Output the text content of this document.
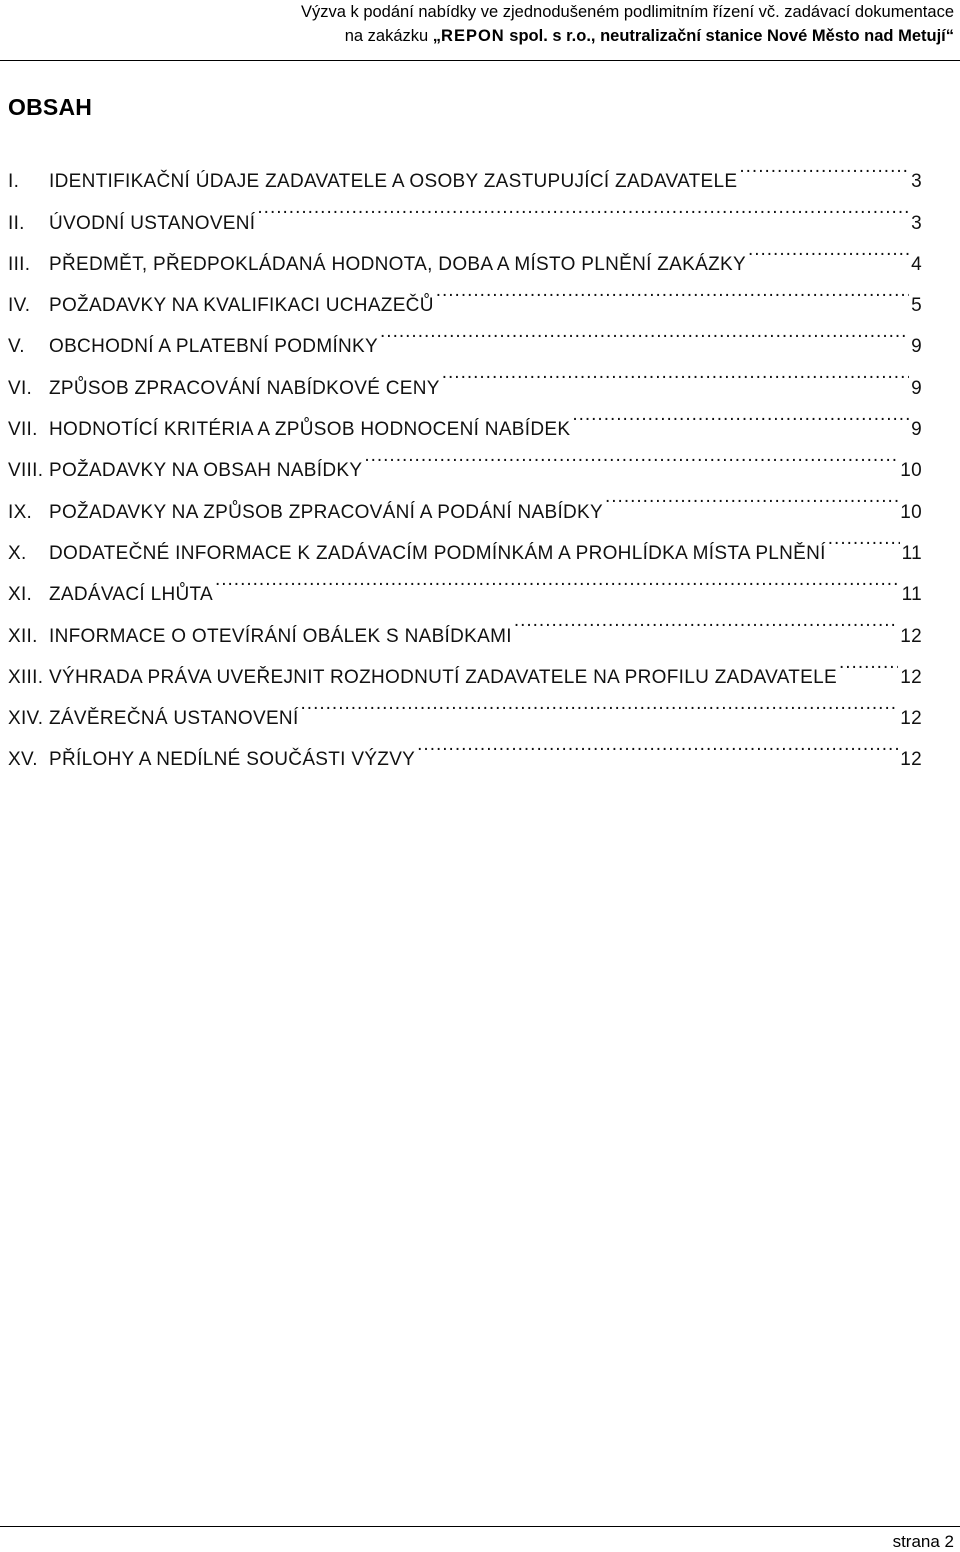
Výzva k podání nabídky ve zjednodušeném podlimitním řízení vč. zadávací dokumentace
na zakázku „REPON spol. s r.o., neutralizační stanice Nové Město nad Metují“
OBSAH
I.	IDENTIFIKAČNÍ ÚDAJE ZADAVATELE A OSOBY ZASTUPUJÍCÍ ZADAVATELE .....	3
II.	ÚVODNÍ USTANOVENÍ .....	3
III. PŘEDMĚT, PŘEDPOKLÁDANÁ HODNOTA, DOBA A MÍSTO PLNĚNÍ ZAKÁZKY .....	4
IV. POŽADAVKY NA KVALIFIKACI UCHAZEČŮ .....	5
V.	OBCHODNÍ A PLATEBNÍ PODMÍNKY .....	9
VI. ZPŮSOB ZPRACOVÁNÍ NABÍDKOVÉ CENY .....	9
VII. HODNOTÍCÍ KRITÉRIA A ZPŮSOB HODNOCENÍ NABÍDEK .....	9
VIII. POŽADAVKY NA OBSAH NABÍDKY .....	10
IX. POŽADAVKY NA ZPŮSOB ZPRACOVÁNÍ A PODÁNÍ NABÍDKY .....	10
X.	DODATEČNÉ INFORMACE K ZADÁVACÍM PODMÍNKÁM A PROHLÍDKA MÍSTA PLNĚNÍ .....	11
XI. ZADÁVACÍ LHŮTA .....	11
XII. INFORMACE O OTEVÍRÁNÍ OBÁLEK S NABÍDKAMI .....	12
XIII. VÝHRADA PRÁVA UVEŘEJNIT ROZHODNUTÍ ZADAVATELE NA PROFILU ZADAVATELE .....	12
XIV. ZÁVĚREČNÁ USTANOVENÍ .....	12
XV. PŘÍLOHY A NEDÍLNÉ SOUČÁSTI VÝZVY .....	12
strana 2
